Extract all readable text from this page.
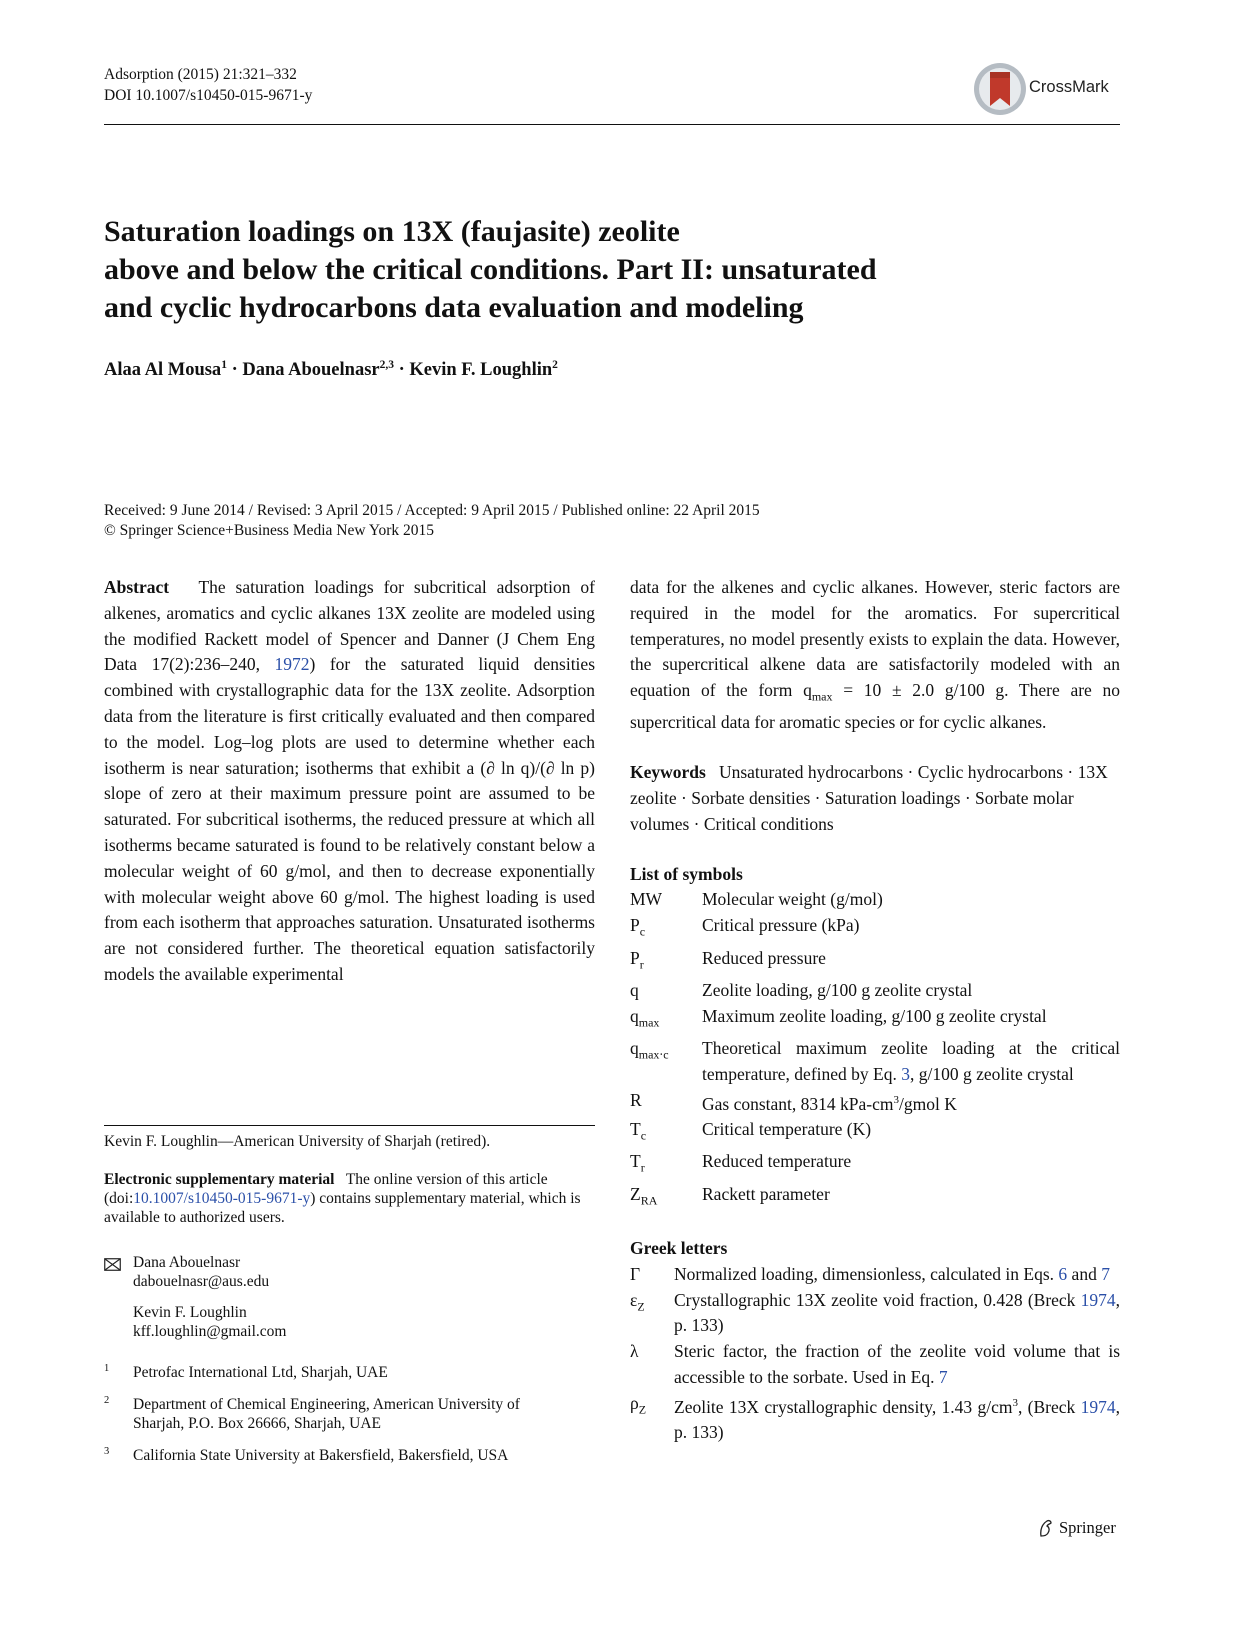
Adsorption (2015) 21:321–332
DOI 10.1007/s10450-015-9671-y	CrossMark
Saturation loadings on 13X (faujasite) zeolite
above and below the critical conditions. Part II: unsaturated
and cyclic hydrocarbons data evaluation and modeling
Alaa Al Mousa$^1$ · Dana Abouelnasr$^{2,3}$ · Kevin F. Loughlin$^2$
Received: 9 June 2014 / Revised: 3 April 2015 / Accepted: 9 April 2015 / Published online: 22 April 2015
© Springer Science+Business Media New York 2015
Abstract The saturation loadings for subcritical adsorption of alkenes, aromatics and cyclic alkanes 13X zeolite are modeled using the modified Rackett model of Spencer and Danner (J Chem Eng Data 17(2):236–240, 1972) for the saturated liquid densities combined with crystallographic data for the 13X zeolite. Adsorption data from the literature is first critically evaluated and then compared to the model. Log–log plots are used to determine whether each isotherm is near saturation; isotherms that exhibit a (∂ ln q)/(∂ ln p) slope of zero at their maximum pressure point are assumed to be saturated. For subcritical isotherms, the reduced pressure at which all isotherms became saturated is found to be relatively constant below a molecular weight of 60 g/mol, and then to decrease exponentially with molecular weight above 60 g/mol. The highest loading is used from each isotherm that approaches saturation. Unsaturated isotherms are not considered further. The theoretical equation satisfactorily models the available experimental
data for the alkenes and cyclic alkanes. However, steric factors are required in the model for the aromatics. For supercritical temperatures, no model presently exists to explain the data. However, the supercritical alkene data are satisfactorily modeled with an equation of the form $q_{max} = 10 \pm 2.0$ g/100 g. There are no supercritical data for aromatic species or for cyclic alkanes.
Keywords Unsaturated hydrocarbons · Cyclic hydrocarbons · 13X zeolite · Sorbate densities · Saturation loadings · Sorbate molar volumes · Critical conditions
List of symbols
MW	Molecular weight (g/mol)
$P_c$	Critical pressure (kPa)
$P_r$	Reduced pressure
q	Zeolite loading, g/100 g zeolite crystal
$q_{max}$	Maximum zeolite loading, g/100 g zeolite crystal
$q_{max‧c}$	Theoretical maximum zeolite loading at the critical temperature, defined by Eq. 3, g/100 g zeolite crystal
R	Gas constant, 8314 kPa-$cm^3$/gmol K
$T_c$	Critical temperature (K)
$T_r$	Reduced temperature
$Z_{RA}$	Rackett parameter
Greek letters
Γ	Normalized loading, dimensionless, calculated in Eqs. 6 and 7
$\varepsilon_Z$	Crystallographic 13X zeolite void fraction, 0.428 (Breck 1974, p. 133)
λ	Steric factor, the fraction of the zeolite void volume that is accessible to the sorbate. Used in Eq. 7
$\rho_Z$	Zeolite 13X crystallographic density, 1.43 $g/cm^3$, (Breck 1974, p. 133)
Kevin F. Loughlin—American University of Sharjah (retired).
Electronic supplementary material The online version of this article (doi:10.1007/s10450-015-9671-y) contains supplementary material, which is available to authorized users.
Dana Abouelnasr
dabouelnasr@aus.edu
Kevin F. Loughlin
kff.loughlin@gmail.com
1 Petrofac International Ltd, Sharjah, UAE
2 Department of Chemical Engineering, American University of Sharjah, P.O. Box 26666, Sharjah, UAE
3 California State University at Bakersfield, Bakersfield, USA
Springer
